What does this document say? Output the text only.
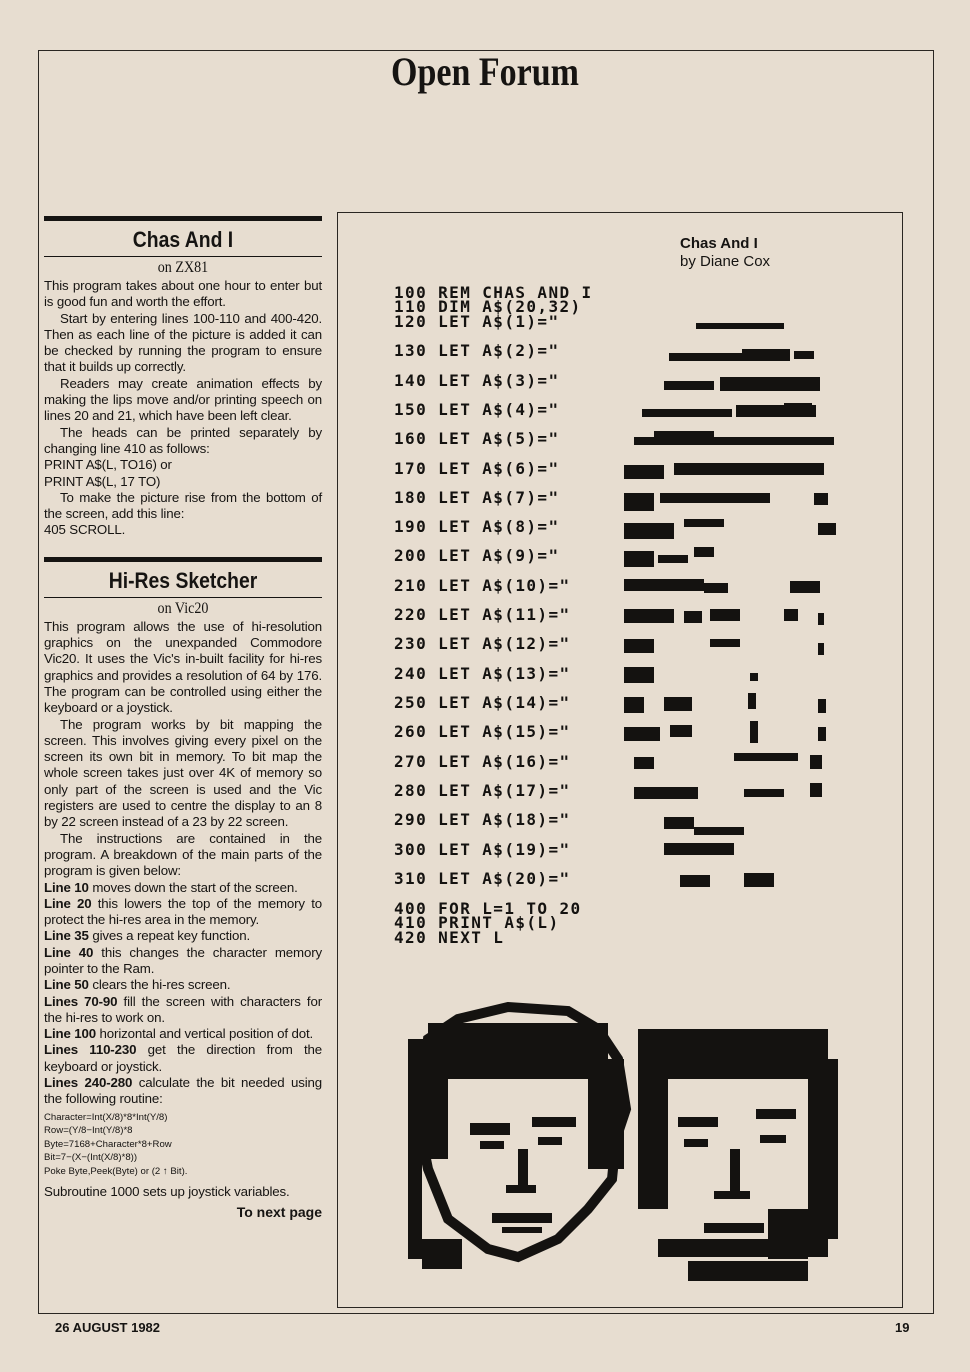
Open Forum
Chas And I
on ZX81

This program takes about one hour to enter but is good fun and worth the effort.

Start by entering lines 100-110 and 400-420. Then as each line of the picture is added it can be checked by running the program to ensure that it builds up correctly.

Readers may create animation effects by making the lips move and/or printing speech on lines 20 and 21, which have been left clear.

The heads can be printed separately by changing line 410 as follows:

PRINT A$(L, TO16) or

PRINT A$(L, 17 TO)

To make the picture rise from the bottom of the screen, add this line:

405 SCROLL.

Hi-Res Sketcher
on Vic20

This program allows the use of hi-resolution graphics on the unexpanded Commodore Vic20. It uses the Vic's in-built facility for hi-res graphics and provides a resolution of 64 by 176. The program can be controlled using either the keyboard or a joystick.

The program works by bit mapping the screen. This involves giving every pixel on the screen its own bit in memory. To bit map the whole screen takes just over 4K of memory so only part of the screen is used and the Vic registers are used to centre the display to an 8 by 22 screen instead of a 23 by 22 screen.

The instructions are contained in the program. A breakdown of the main parts of the program is given below:

Line 10 moves down the start of the screen.

Line 20 this lowers the top of the memory to protect the hi-res area in the memory.

Line 35 gives a repeat key function.

Line 40 this changes the character memory pointer to the Ram.

Line 50 clears the hi-res screen.

Lines 70-90 fill the screen with characters for the hi-res to work on.

Line 100 horizontal and vertical position of dot.

Lines 110-230 get the direction from the keyboard or joystick.

Lines 240-280 calculate the bit needed using the following routine:

Character=Int(X/8)*8*Int(Y/8)

Row=(Y/8−Int(Y/8)*8

Byte=7168+Character*8+Row

Bit=7−(X−(Int(X/8)*8))

Poke Byte,Peek(Byte) or (2 ↑ Bit).

Subroutine 1000 sets up joystick variables.

To next page
Chas And I
by Diane Cox
100 REM CHAS AND I
110 DIM A$(20,32)
120 LET A$(1)="
130 LET A$(2)="
140 LET A$(3)="
150 LET A$(4)="
160 LET A$(5)="
170 LET A$(6)="
180 LET A$(7)="
190 LET A$(8)="
200 LET A$(9)="
210 LET A$(10)="
220 LET A$(11)="
230 LET A$(12)="
240 LET A$(13)="
250 LET A$(14)="
260 LET A$(15)="
270 LET A$(16)="
280 LET A$(17)="
290 LET A$(18)="
300 LET A$(19)="
310 LET A$(20)="
400 FOR L=1 TO 20
410 PRINT A$(L)
420 NEXT L
26 AUGUST 1982	19
